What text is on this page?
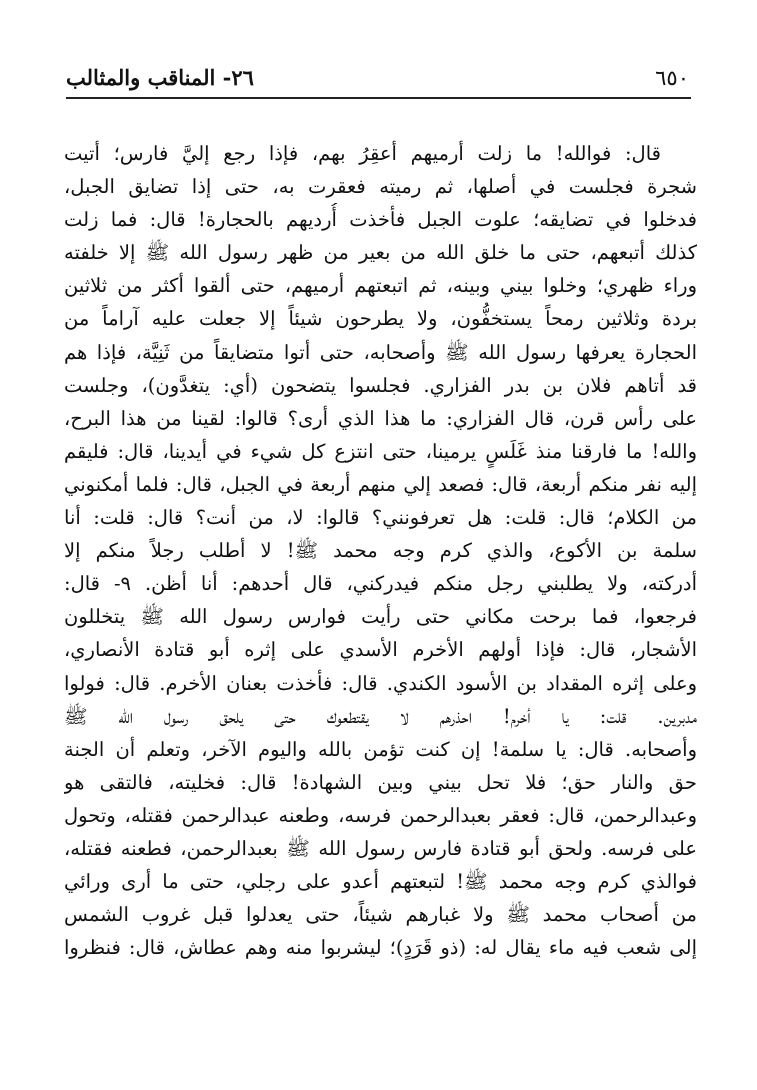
٦٥٠
٢٦- المناقب والمثالب
قال: فوالله! ما زلت أرميهم أعقِرُ بهم، فإذا رجع إليَّ فارس؛ أتيت
شجرة فجلست في أصلها، ثم رميته فعقرت به، حتى إذا تضايق الجبل،
فدخلوا في تضايقه؛ علوت الجبل فأخذت أُرديهم بالحجارة! قال: فما زلت
كذلك أتبعهم، حتى ما خلق الله من بعير من ظهر رسول الله ﷺ إلا خلفته
وراء ظهري؛ وخلوا بيني وبينه، ثم اتبعتهم أرميهم، حتى ألقوا أكثر من ثلاثين
بردة وثلاثين رمحاً يستخفُّون، ولا يطرحون شيئاً إلا جعلت عليه آراماً من
الحجارة يعرفها رسول الله ﷺ وأصحابه، حتى أتوا متضايقاً من ثَنِيَّة، فإذا هم
قد أتاهم فلان بن بدر الفزاري. فجلسوا يتضحون (أي: يتغدَّون)، وجلست
على رأس قرن، قال الفزاري: ما هذا الذي أرى؟ قالوا: لقينا من هذا البرح،
والله! ما فارقنا منذ غَلَسٍ يرمينا، حتى انتزع كل شيء في أيدينا، قال: فليقم
إليه نفر منكم أربعة، قال: فصعد إلي منهم أربعة في الجبل، قال: فلما أمكنوني
من الكلام؛ قال: قلت: هل تعرفونني؟ قالوا: لا، من أنت؟ قال: قلت: أنا
سلمة بن الأكوع، والذي كرم وجه محمد ﷺ! لا أطلب رجلاً منكم إلا
أدركته، ولا يطلبني رجل منكم فيدركني، قال أحدهم: أنا أظن. ٩- قال:
فرجعوا، فما برحت مكاني حتى رأيت فوارس رسول الله ﷺ يتخللون
الأشجار، قال: فإذا أولهم الأخرم الأسدي على إثره أبو قتادة الأنصاري،
وعلى إثره المقداد بن الأسود الكندي. قال: فأخذت بعنان الأخرم. قال: فولوا
مدبرين. قلت: يا أخرم! احذرهم لا يقتطعوك حتى يلحق رسول الله ﷺ
وأصحابه. قال: يا سلمة! إن كنت تؤمن بالله واليوم الآخر، وتعلم أن الجنة
حق والنار حق؛ فلا تحل بيني وبين الشهادة! قال: فخليته، فالتقى هو
وعبدالرحمن، قال: فعقر بعبدالرحمن فرسه، وطعنه عبدالرحمن فقتله، وتحول
على فرسه. ولحق أبو قتادة فارس رسول الله ﷺ بعبدالرحمن، فطعنه فقتله،
فوالذي كرم وجه محمد ﷺ! لتبعتهم أعدو على رجلي، حتى ما أرى ورائي
من أصحاب محمد ﷺ ولا غبارهم شيئاً، حتى يعدلوا قبل غروب الشمس
إلى شعب فيه ماء يقال له: (ذو قَرَدٍ)؛ ليشربوا منه وهم عطاش، قال: فنظروا
